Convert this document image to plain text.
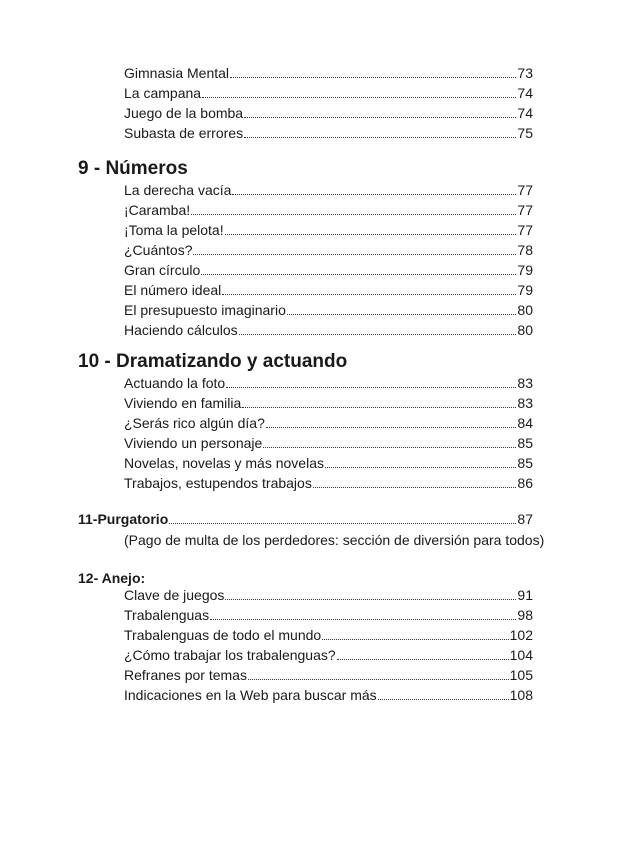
Gimnasia Mental	73
La campana	74
Juego de la bomba	74
Subasta de errores	75
9 - Números
La derecha vacía	77
¡Caramba!	77
¡Toma la pelota!	77
¿Cuántos?	78
Gran círculo	79
El número ideal	79
El presupuesto imaginario	80
Haciendo cálculos	80
10 - Dramatizando y actuando
Actuando la foto	83
Viviendo en familia	83
¿Serás rico algún día?	84
Viviendo un personaje	85
Novelas, novelas y más novelas	85
Trabajos, estupendos trabajos	86
11-Purgatorio	87
(Pago de multa de los perdedores: sección de diversión para todos)
12- Anejo:
Clave de juegos	91
Trabalenguas	98
Trabalenguas de todo el mundo	102
¿Cómo trabajar los trabalenguas?	104
Refranes por temas	105
Indicaciones en la Web para buscar más	108
